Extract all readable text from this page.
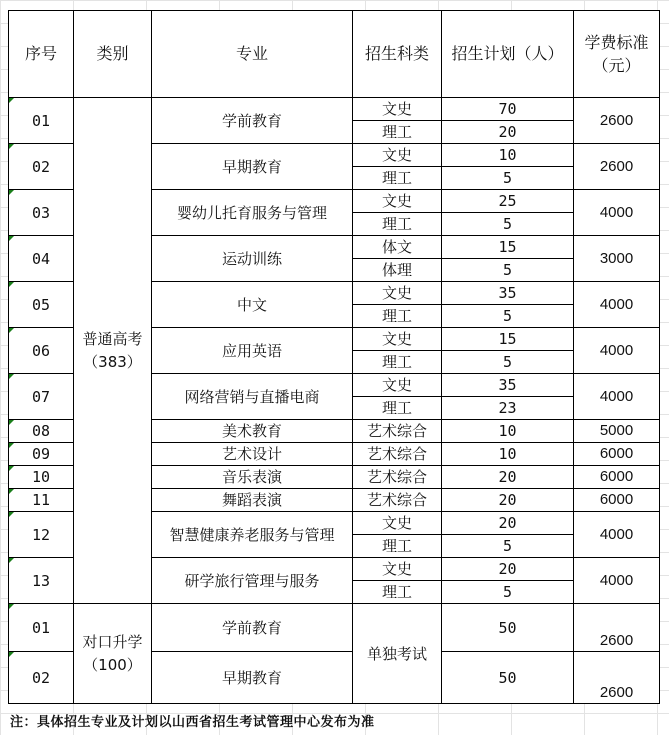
序号	类别	专业	招生科类	招生计划（人）	学费标准（元）
01	普通高考（383）	学前教育	文史	70	2600
			理工	20	
02		早期教育	文史	10	2600
			理工	5	
03		婴幼儿托育服务与管理	文史	25	4000
			理工	5	
04		运动训练	体文	15	3000
			体理	5	
05		中文	文史	35	4000
			理工	5	
06		应用英语	文史	15	4000
			理工	5	
07		网络营销与直播电商	文史	35	4000
			理工	23	
08		美术教育	艺术综合	10	5000
09		艺术设计	艺术综合	10	6000
10		音乐表演	艺术综合	20	6000
11		舞蹈表演	艺术综合	20	6000
12		智慧健康养老服务与管理	文史	20	4000
			理工	5	
13		研学旅行管理与服务	文史	20	4000
			理工	5	
01	对口升学（100）	学前教育	单独考试	50	2600
02		早期教育		50	2600
注：具体招生专业及计划以山西省招生考试管理中心发布为准
